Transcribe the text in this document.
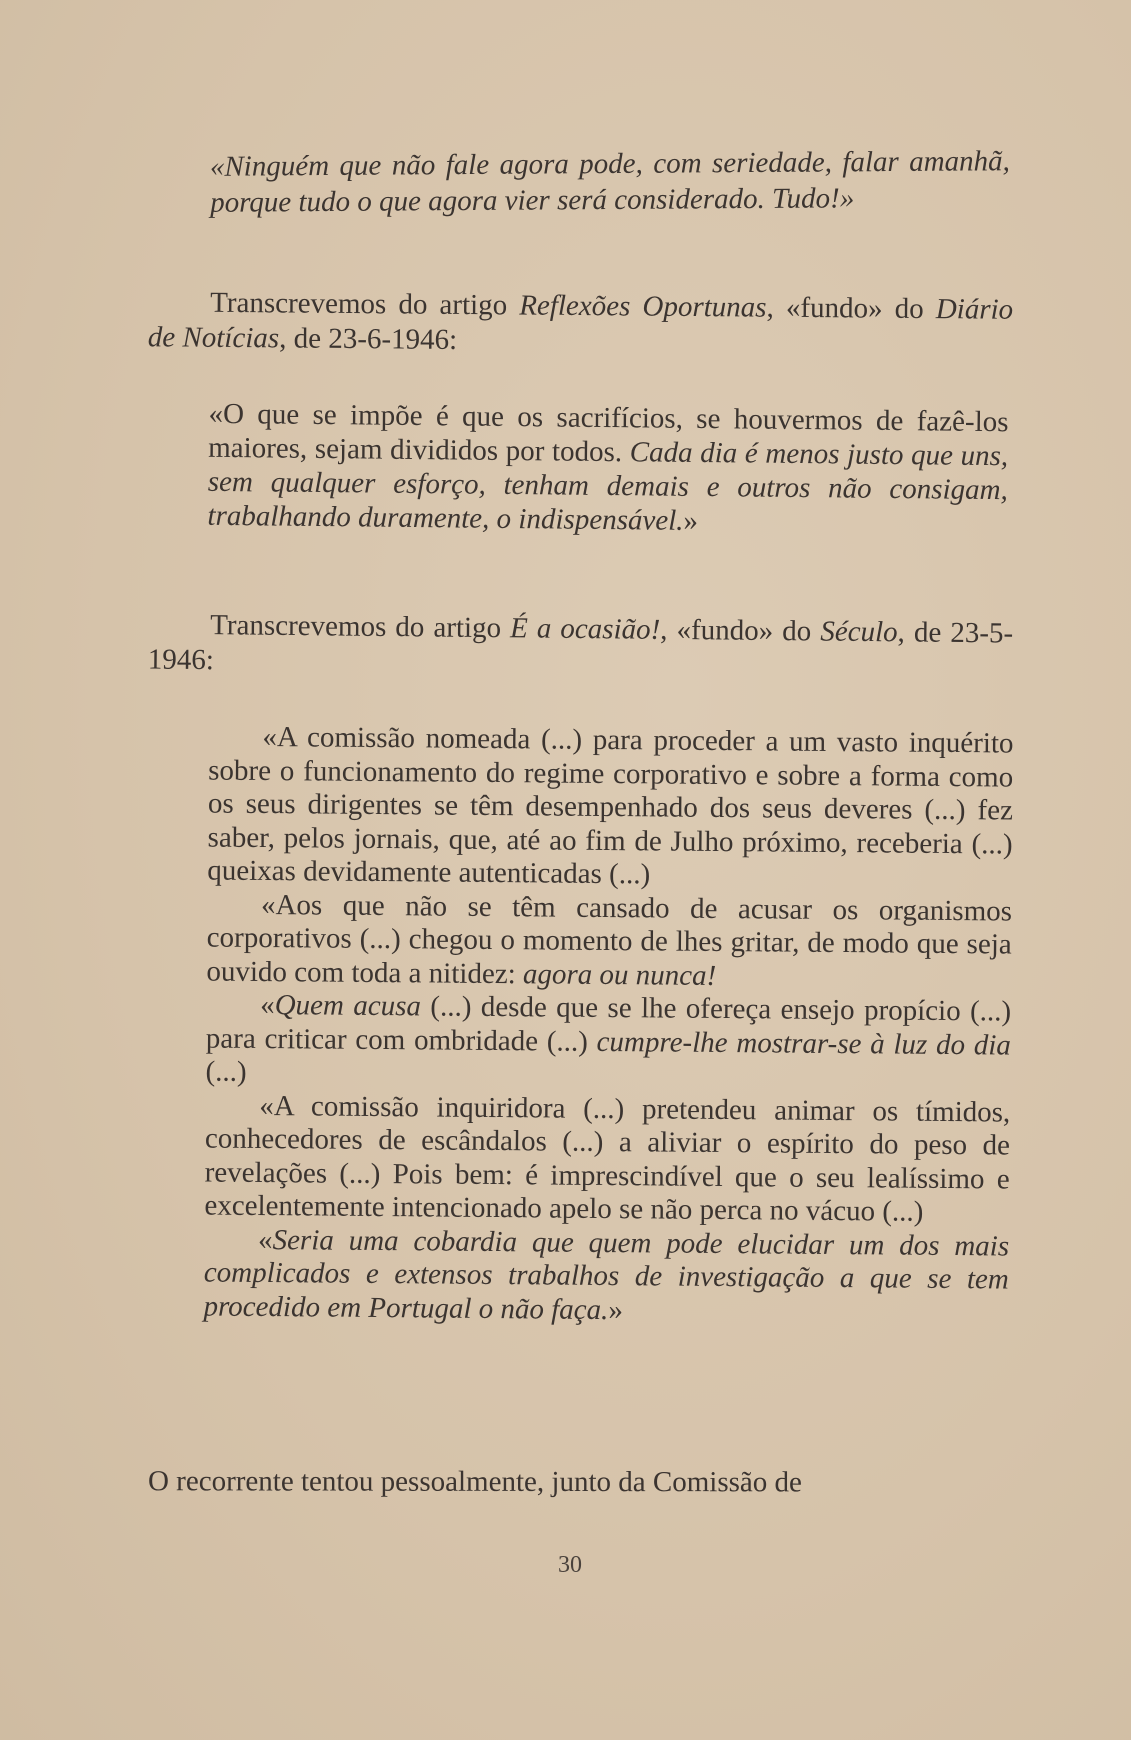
«Ninguém que não fale agora pode, com seriedade, falar amanhã, porque tudo o que agora vier será considerado. Tudo!»

Transcrevemos do artigo Reflexões Oportunas, «fundo» do Diário de Notícias, de 23-6-1946:

«O que se impõe é que os sacrifícios, se houvermos de fazê-los maiores, sejam divididos por todos. Cada dia é menos justo que uns, sem qualquer esforço, tenham demais e outros não consigam, trabalhando duramente, o indispensável.»

Transcrevemos do artigo É a ocasião!, «fundo» do Século, de 23-5-1946:

«A comissão nomeada (...) para proceder a um vasto inquérito sobre o funcionamento do regime corporativo e sobre a forma como os seus dirigentes se têm desempenhado dos seus deveres (...) fez saber, pelos jornais, que, até ao fim de Julho próximo, receberia (...) queixas devidamente autenticadas (...)

«Aos que não se têm cansado de acusar os organismos corporativos (...) chegou o momento de lhes gritar, de modo que seja ouvido com toda a nitidez: agora ou nunca!

«Quem acusa (...) desde que se lhe ofereça ensejo propício (...) para criticar com ombridade (...) cumpre-lhe mostrar-se à luz do dia (...)

«A comissão inquiridora (...) pretendeu animar os tímidos, conhecedores de escândalos (...) a aliviar o espírito do peso de revelações (...) Pois bem: é imprescindível que o seu lealíssimo e excelentemente intencionado apelo se não perca no vácuo (...)

«Seria uma cobardia que quem pode elucidar um dos mais complicados e extensos trabalhos de investigação a que se tem procedido em Portugal o não faça.»

O recorrente tentou pessoalmente, junto da Comissão de

30
